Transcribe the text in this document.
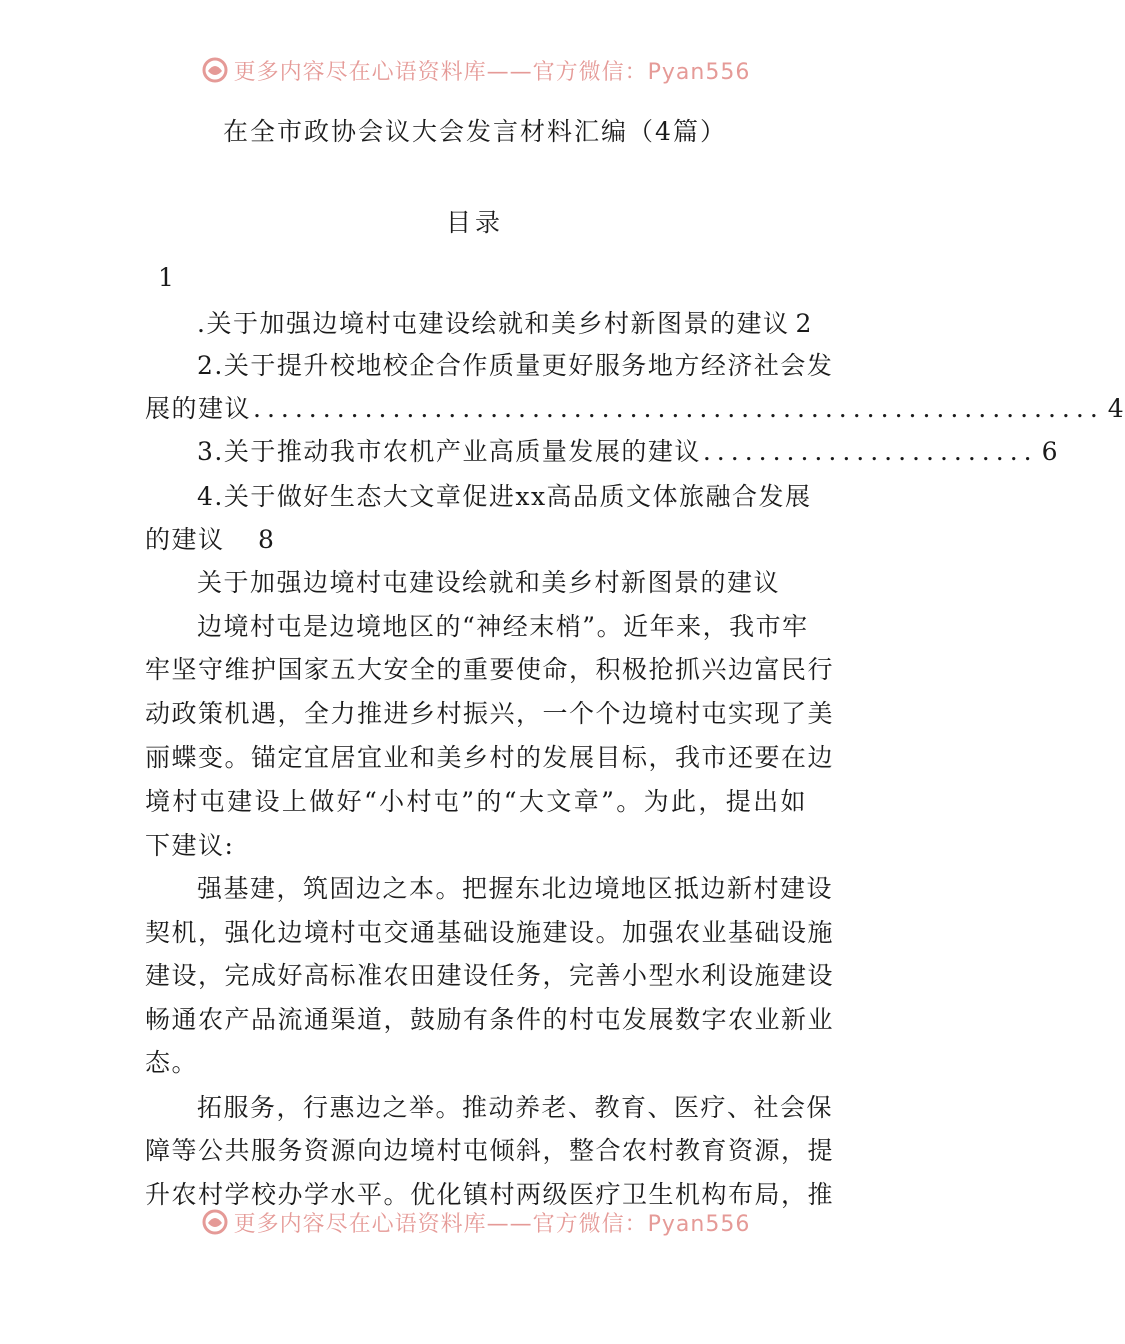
更多内容尽在心语资料库——官方微信：Pyan556
在全市政协会议大会发言材料汇编（4篇）
目录
1
.关于加强边境村屯建设绘就和美乡村新图景的建议 2
2.关于提升校地校企合作质量更好服务地方经济社会发
展的建议 ............................................................. 4
3.关于推动我市农机产业高质量发展的建议 ........................ 6
4.关于做好生态大文章促进xx高品质文体旅融合发展
的建议 8
关于加强边境村屯建设绘就和美乡村新图景的建议
边境村屯是边境地区的“神经末梢”。近年来，我市牢
牢坚守维护国家五大安全的重要使命，积极抢抓兴边富民行
动政策机遇，全力推进乡村振兴，一个个边境村屯实现了美
丽蝶变。锚定宜居宜业和美乡村的发展目标，我市还要在边
境村屯建设上做好“小村屯”的“大文章”。为此，提出如
下建议:
强基建，筑固边之本。把握东北边境地区抵边新村建设
契机，强化边境村屯交通基础设施建设。加强农业基础设施
建设，完成好高标准农田建设任务，完善小型水利设施建设
畅通农产品流通渠道，鼓励有条件的村屯发展数字农业新业
态。
拓服务，行惠边之举。推动养老、教育、医疗、社会保
障等公共服务资源向边境村屯倾斜，整合农村教育资源，提
升农村学校办学水平。优化镇村两级医疗卫生机构布局，推
更多内容尽在心语资料库——官方微信：Pyan556
